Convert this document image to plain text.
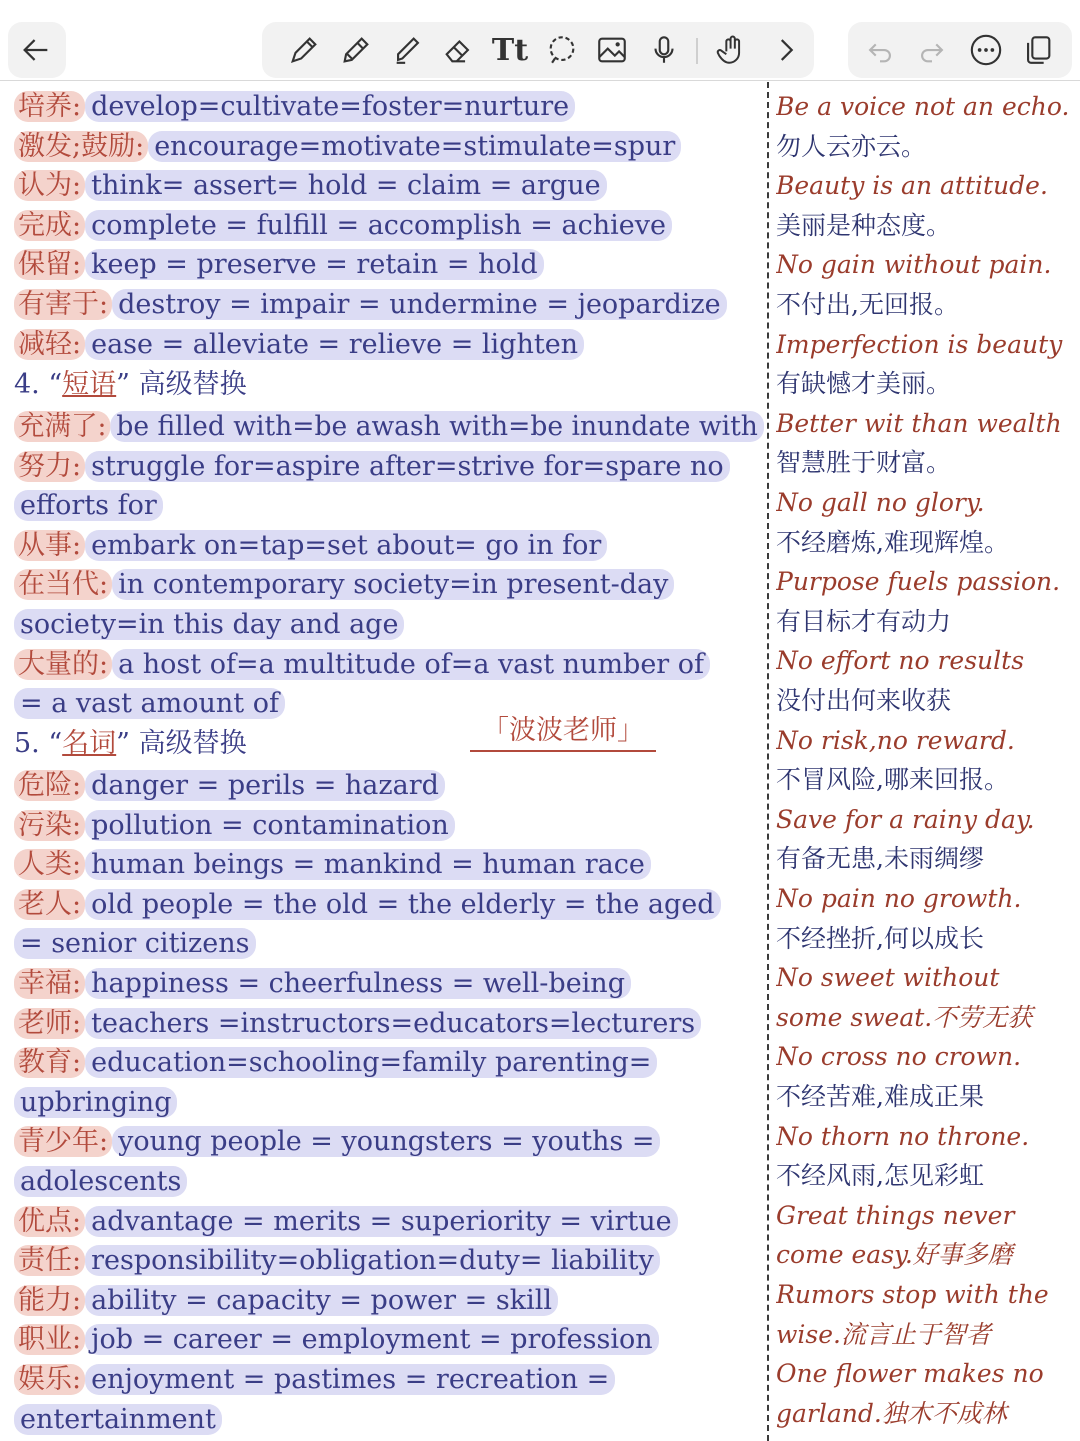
Tt
培养: develop=cultivate=foster=nurture
激发;鼓励: encourage=motivate=stimulate=spur
认为: think= assert= hold = claim = argue
完成: complete = fulfill = accomplish = achieve
保留: keep = preserve = retain = hold
有害于: destroy = impair = undermine = jeopardize
减轻: ease = alleviate = relieve = lighten
充满了: be filled with=be awash with=be inundate with
努力: struggle for=aspire after=strive for=spare no
efforts for
从事: embark on=tap=set about= go in for
在当代: in contemporary society=in present-day
society=in this day and age
大量的: a host of=a multitude of=a vast number of
= a vast amount of
危险: danger = perils = hazard
污染: pollution = contamination
人类: human beings = mankind = human race
老人: old people = the old = the elderly = the aged
= senior citizens
幸福: happiness = cheerfulness = well-being
老师: teachers =instructors=educators=lecturers
教育: education=schooling=family parenting=
upbringing
青少年: young people = youngsters = youths =
adolescents
优点: advantage = merits = superiority = virtue
责任: responsibility=obligation=duty= liability
能力: ability = capacity = power = skill
职业: job = career = employment = profession
娱乐: enjoyment = pastimes = recreation =
entertainment
4. “短语” 高级替换
5. “名词” 高级替换	「波波老师」
Be a voice not an echo.
勿人云亦云。
Beauty is an attitude.
美丽是种态度。
No gain without pain.
不付出,无回报。
Imperfection is beauty
有缺憾才美丽。
Better wit than wealth
智慧胜于财富。
No gall no glory.
不经磨炼,难现辉煌。
Purpose fuels passion.
有目标才有动力
No effort no results
没付出何来收获
No risk,no reward.
不冒风险,哪来回报。
Save for a rainy day.
有备无患,未雨绸缪
No pain no growth.
不经挫折,何以成长
No sweet without
some sweat.不劳无获
No cross no crown.
不经苦难,难成正果
No thorn no throne.
不经风雨,怎见彩虹
Great things never
come easy.好事多磨
Rumors stop with the
wise.流言止于智者
One flower makes no
garland.独木不成林
